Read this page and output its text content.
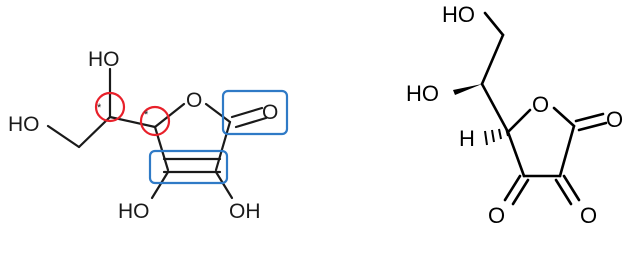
HO
HO
O
O
HO	OH
*
*
HO
HO
H
O
O
O	O
